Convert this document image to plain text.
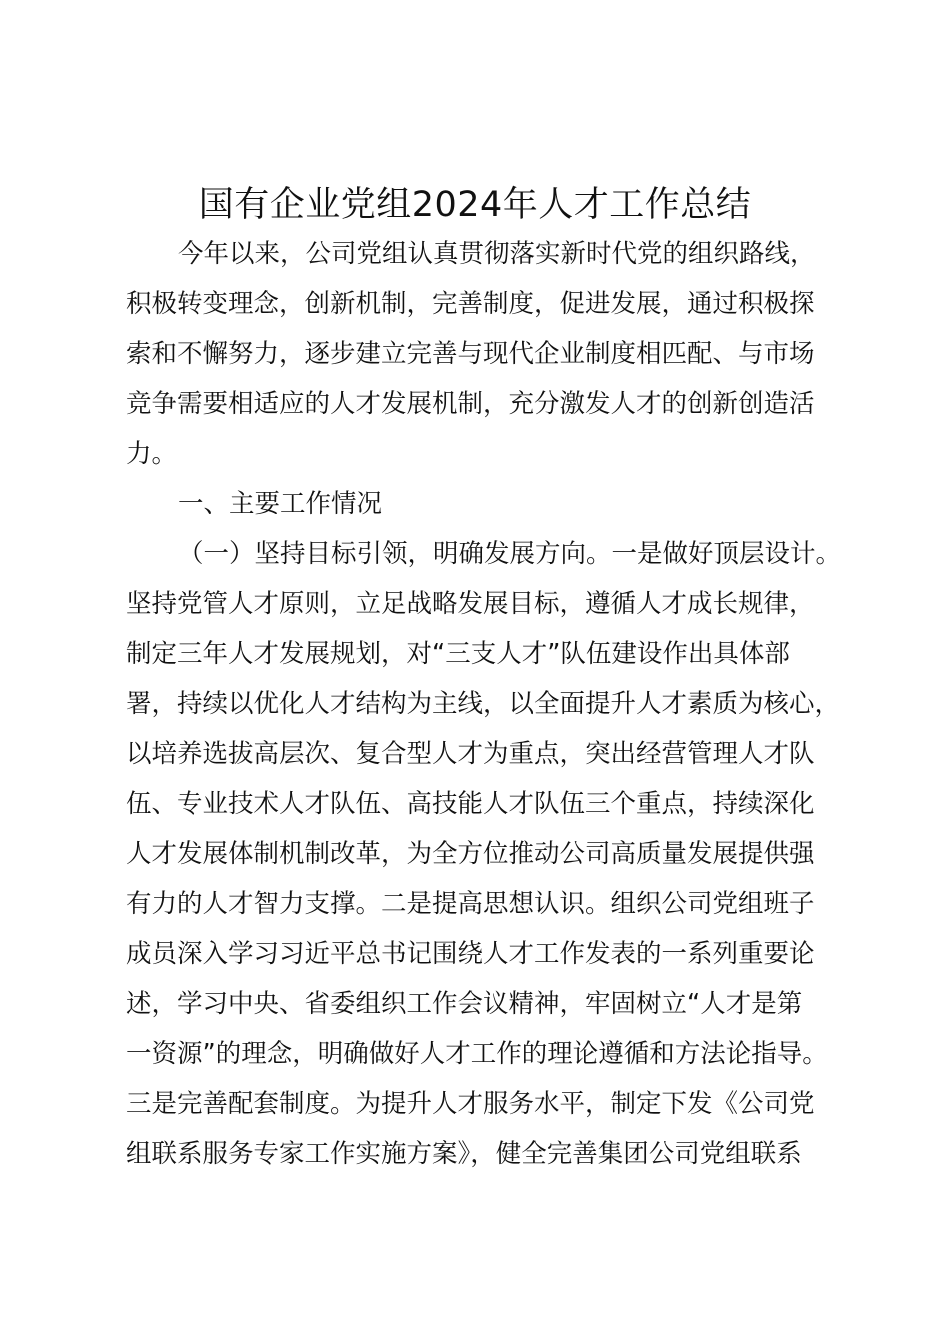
国有企业党组2024年人才工作总结
今年以来，公司党组认真贯彻落实新时代党的组织路线，
积极转变理念，创新机制，完善制度，促进发展，通过积极探
索和不懈努力，逐步建立完善与现代企业制度相匹配、与市场
竞争需要相适应的人才发展机制，充分激发人才的创新创造活
力。
一、主要工作情况
（一）坚持目标引领，明确发展方向。一是做好顶层设计。
坚持党管人才原则，立足战略发展目标，遵循人才成长规律，
制定三年人才发展规划，对“三支人才”队伍建设作出具体部
署，持续以优化人才结构为主线，以全面提升人才素质为核心，
以培养选拔高层次、复合型人才为重点，突出经营管理人才队
伍、专业技术人才队伍、高技能人才队伍三个重点，持续深化
人才发展体制机制改革，为全方位推动公司高质量发展提供强
有力的人才智力支撑。二是提高思想认识。组织公司党组班子
成员深入学习习近平总书记围绕人才工作发表的一系列重要论
述，学习中央、省委组织工作会议精神，牢固树立“人才是第
一资源”的理念，明确做好人才工作的理论遵循和方法论指导。
三是完善配套制度。为提升人才服务水平，制定下发《公司党
组联系服务专家工作实施方案》，健全完善集团公司党组联系
